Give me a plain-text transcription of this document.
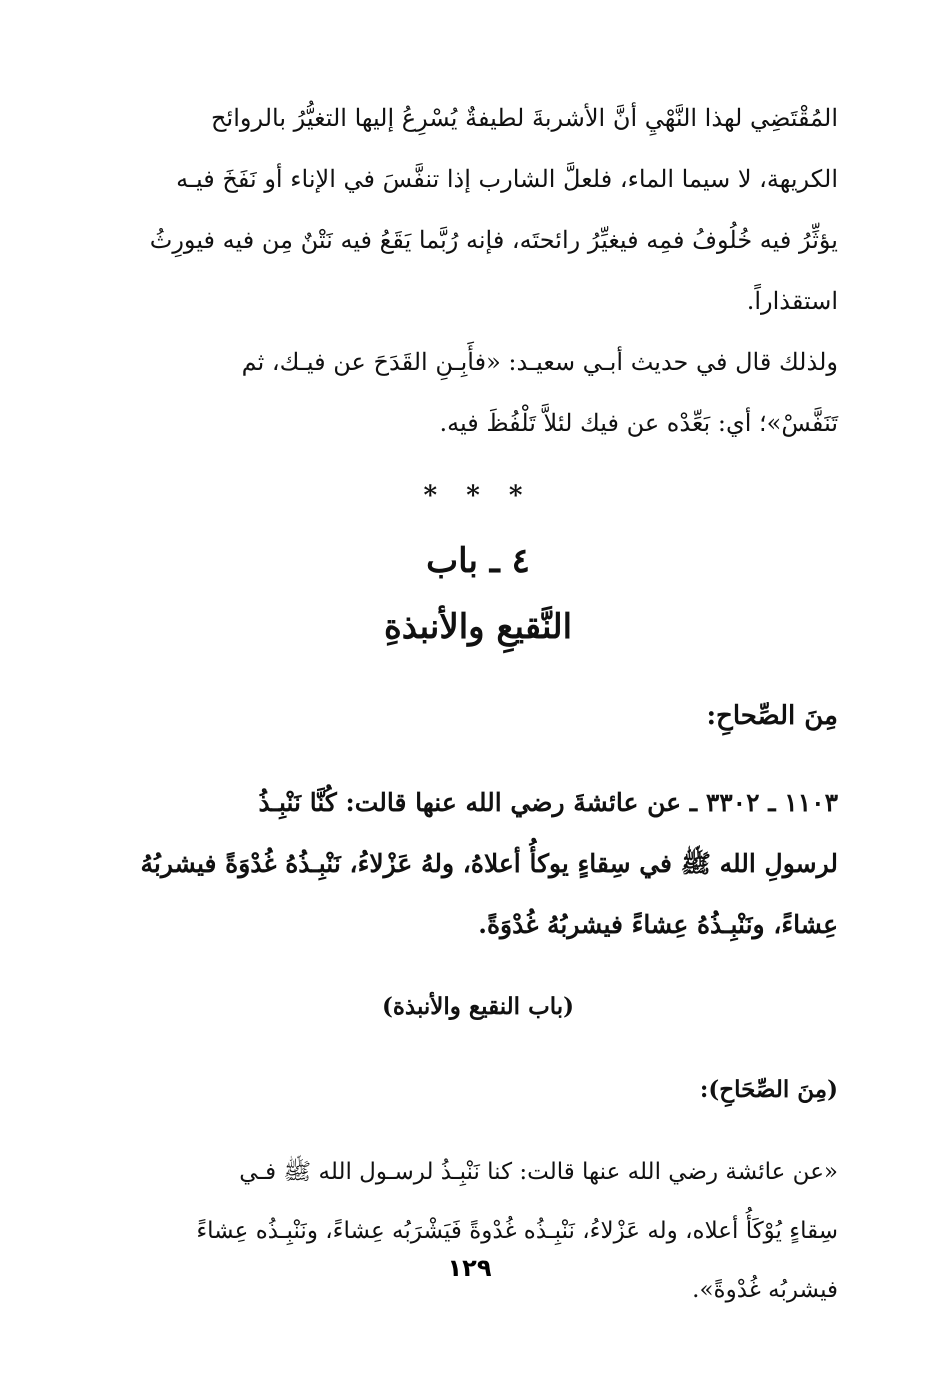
المُقْتَضِي لهذا النَّهْيِ أنَّ الأشربةَ لطيفةٌ يُسْرِعُ إليها التغيُّرُ بالروائح
الكريهة، لا سيما الماء، فلعلَّ الشارب إذا تنفَّسَ في الإناء أو نَفَخَ فيـه
يؤثِّرُ فيه خُلُوفُ فمِه فيغيِّرُ رائحتَه، فإنه رُبَّما يَقَعُ فيه نَتْنٌ مِن فيه فيورِثُ
استقذاراً.

ولذلك قال في حديث أبـي سعيـد: «فأَبِـنِ القَدَحَ عن فيـك، ثم
تَنَفَّسْ»؛ أي: بَعِّدْه عن فيك لئلاَّ تَلْفُظَ فيه.

* * *

٤ ـ باب

النَّقيعِ والأنبذةِ

مِنَ الصِّحاحِ:

١١٠٣ ـ ٣٣٠٢ ـ عن عائشةَ رضي الله عنها قالت: كُنَّا نَنْبِـذُ
لرسولِ الله ﷺ في سِقاءٍ يوكأُ أعلاهُ، ولهُ عَزْلاءُ، نَنْبِـذُهُ غُدْوَةً فيشربُهُ
عِشاءً، ونَنْبِـذُهُ عِشاءً فيشربُهُ غُدْوَةً.

(باب النقيع والأنبذة)

(مِنَ الصِّحَاحِ):

«عن عائشة رضي الله عنها قالت: كنا نَنْبِـذُ لرسـول الله ﷺ فـي
سِقاءٍ يُوْكَأُ أعلاه، وله عَزْلاءُ، نَنْبِـذُه غُدْوةً فَيَشْرَبُه عِشاءً، ونَنْبِـذُه عِشاءً
فيشربُه غُدْوةً».

١٢٩
